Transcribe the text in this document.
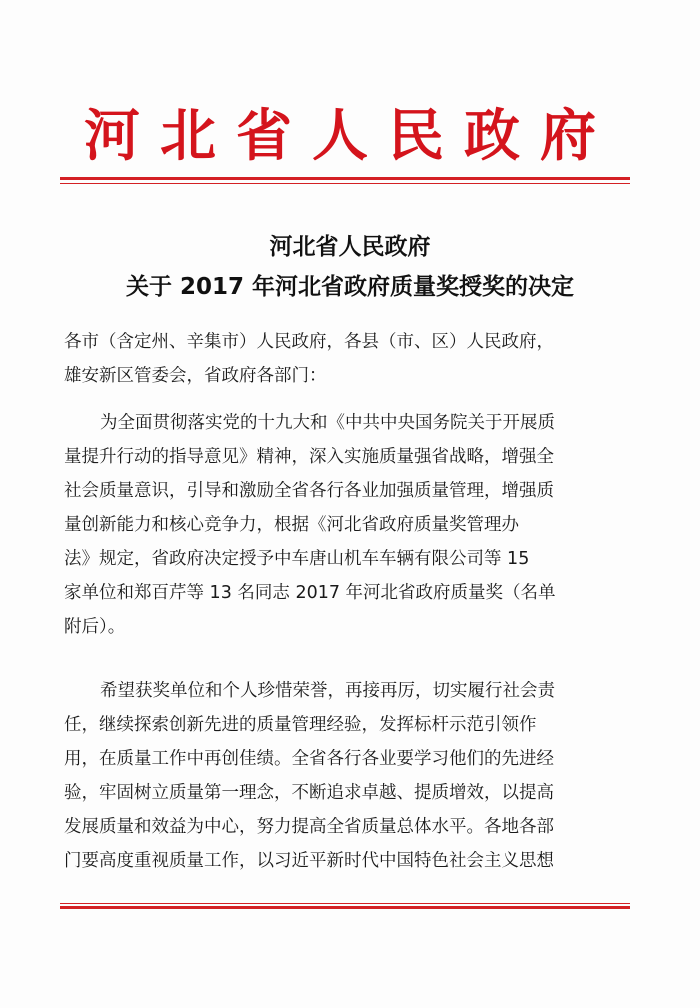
河北省人民政府
河北省人民政府
关于 2017 年河北省政府质量奖授奖的决定
各市（含定州、辛集市）人民政府，各县（市、区）人民政府，
雄安新区管委会，省政府各部门：
为全面贯彻落实党的十九大和《中共中央国务院关于开展质
量提升行动的指导意见》精神，深入实施质量强省战略，增强全
社会质量意识，引导和激励全省各行各业加强质量管理，增强质
量创新能力和核心竞争力，根据《河北省政府质量奖管理办
法》规定，省政府决定授予中车唐山机车车辆有限公司等 15
家单位和郑百芹等 13 名同志 2017 年河北省政府质量奖（名单
附后）。
希望获奖单位和个人珍惜荣誉，再接再厉，切实履行社会责
任，继续探索创新先进的质量管理经验，发挥标杆示范引领作
用，在质量工作中再创佳绩。全省各行各业要学习他们的先进经
验，牢固树立质量第一理念，不断追求卓越、提质增效，以提高
发展质量和效益为中心，努力提高全省质量总体水平。各地各部
门要高度重视质量工作，以习近平新时代中国特色社会主义思想
